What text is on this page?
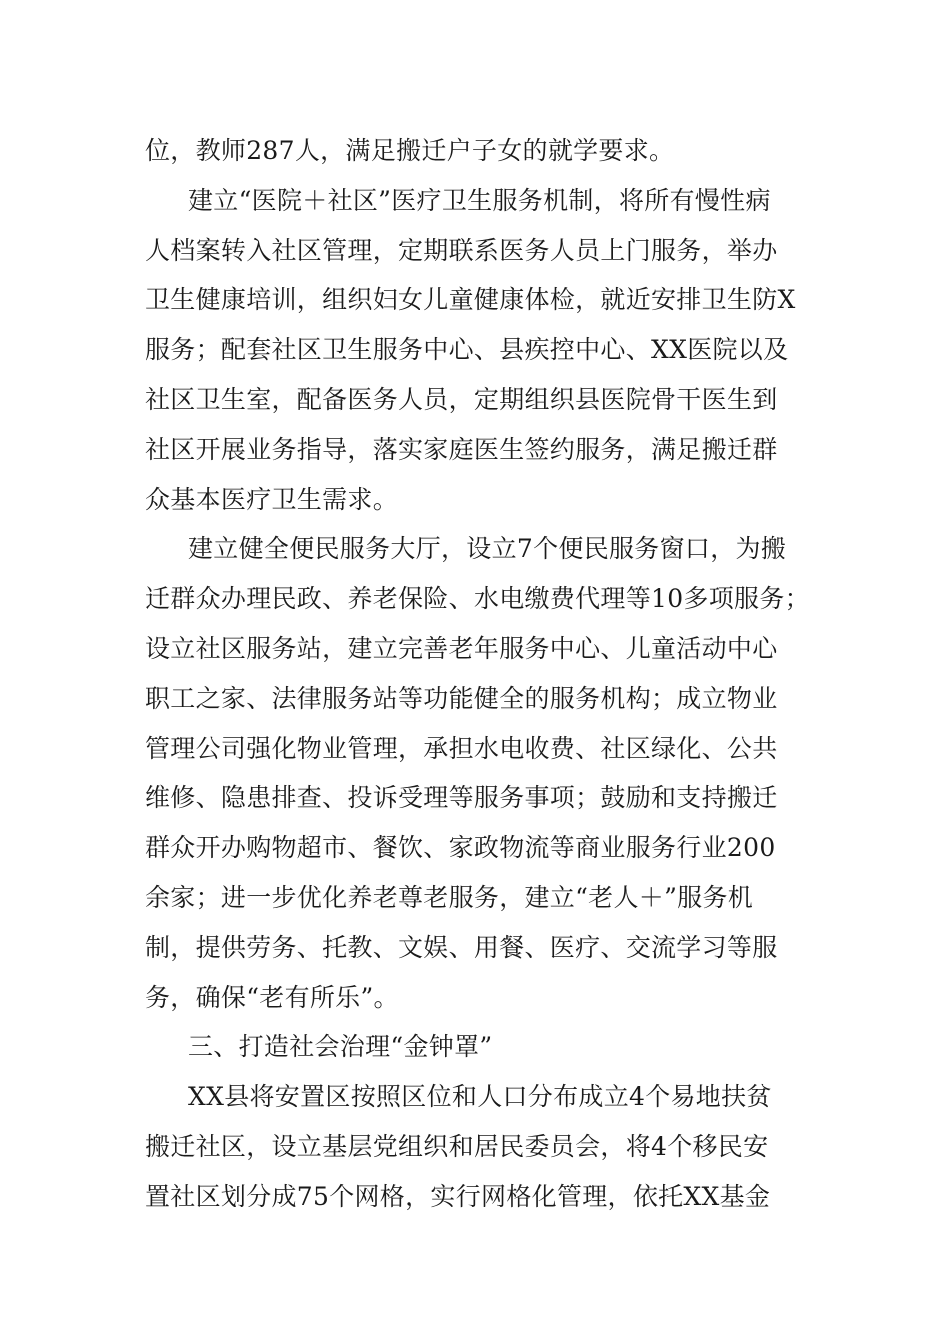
位，教师287人，满足搬迁户子女的就学要求。
建立“医院＋社区”医疗卫生服务机制，将所有慢性病
人档案转入社区管理，定期联系医务人员上门服务，举办
卫生健康培训，组织妇女儿童健康体检，就近安排卫生防X
服务；配套社区卫生服务中心、县疾控中心、XX医院以及
社区卫生室，配备医务人员，定期组织县医院骨干医生到
社区开展业务指导，落实家庭医生签约服务，满足搬迁群
众基本医疗卫生需求。
建立健全便民服务大厅，设立7个便民服务窗口，为搬
迁群众办理民政、养老保险、水电缴费代理等10多项服务；
设立社区服务站，建立完善老年服务中心、儿童活动中心
职工之家、法律服务站等功能健全的服务机构；成立物业
管理公司强化物业管理，承担水电收费、社区绿化、公共
维修、隐患排查、投诉受理等服务事项；鼓励和支持搬迁
群众开办购物超市、餐饮、家政物流等商业服务行业200
余家；进一步优化养老尊老服务，建立“老人＋”服务机
制，提供劳务、托教、文娱、用餐、医疗、交流学习等服
务，确保“老有所乐”。
三、打造社会治理“金钟罩”
XX县将安置区按照区位和人口分布成立4个易地扶贫
搬迁社区，设立基层党组织和居民委员会，将4个移民安
置社区划分成75个网格，实行网格化管理，依托XX基金
